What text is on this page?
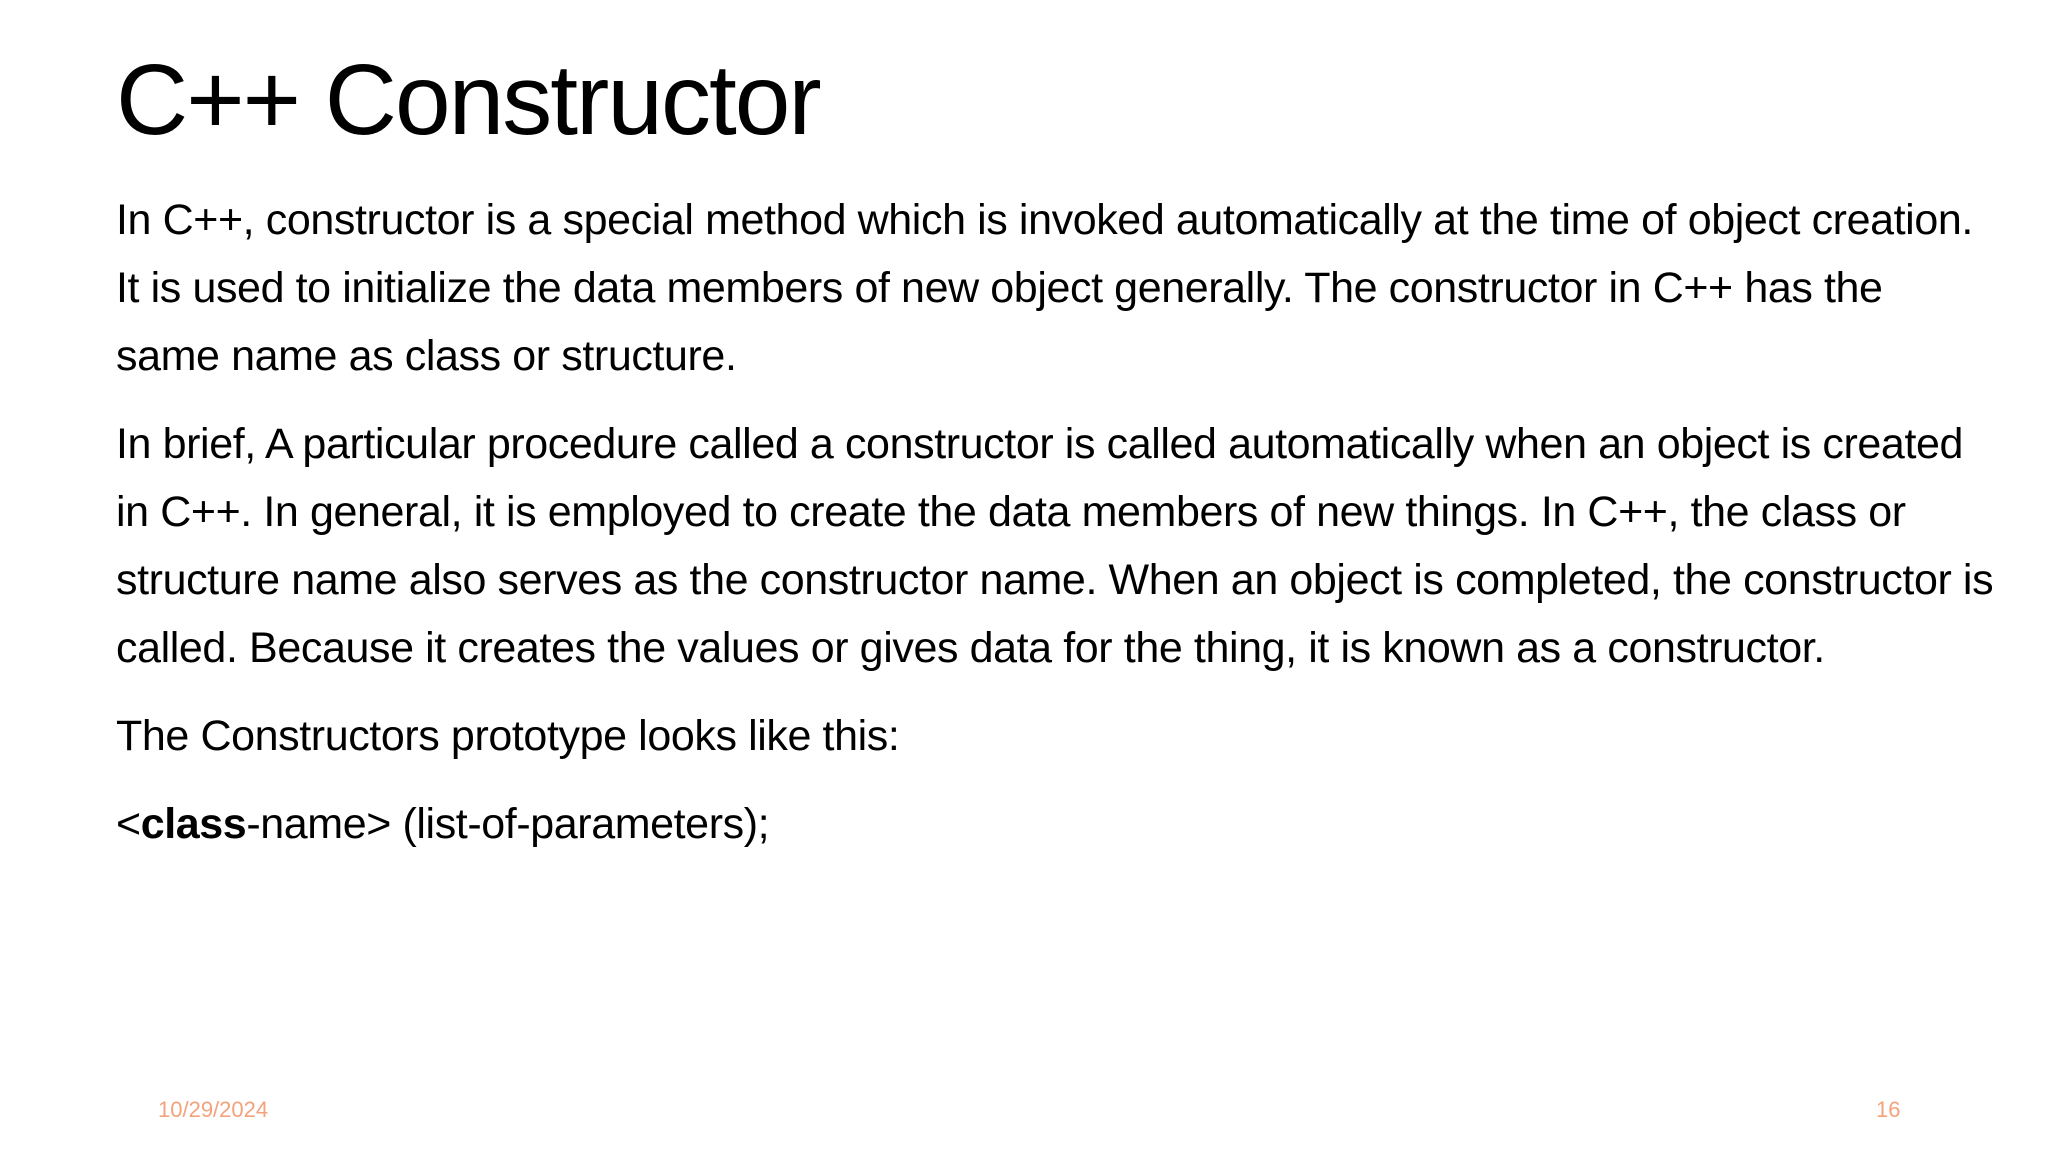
C++ Constructor

In C++, constructor is a special method which is invoked automatically at the time of object creation. It is used to initialize the data members of new object generally. The constructor in C++ has the same name as class or structure.

In brief, A particular procedure called a constructor is called automatically when an object is created in C++. In general, it is employed to create the data members of new things. In C++, the class or structure name also serves as the constructor name. When an object is completed, the constructor is called. Because it creates the values or gives data for the thing, it is known as a constructor.

The Constructors prototype looks like this:

<class-name> (list-of-parameters);

10/29/2024	16
